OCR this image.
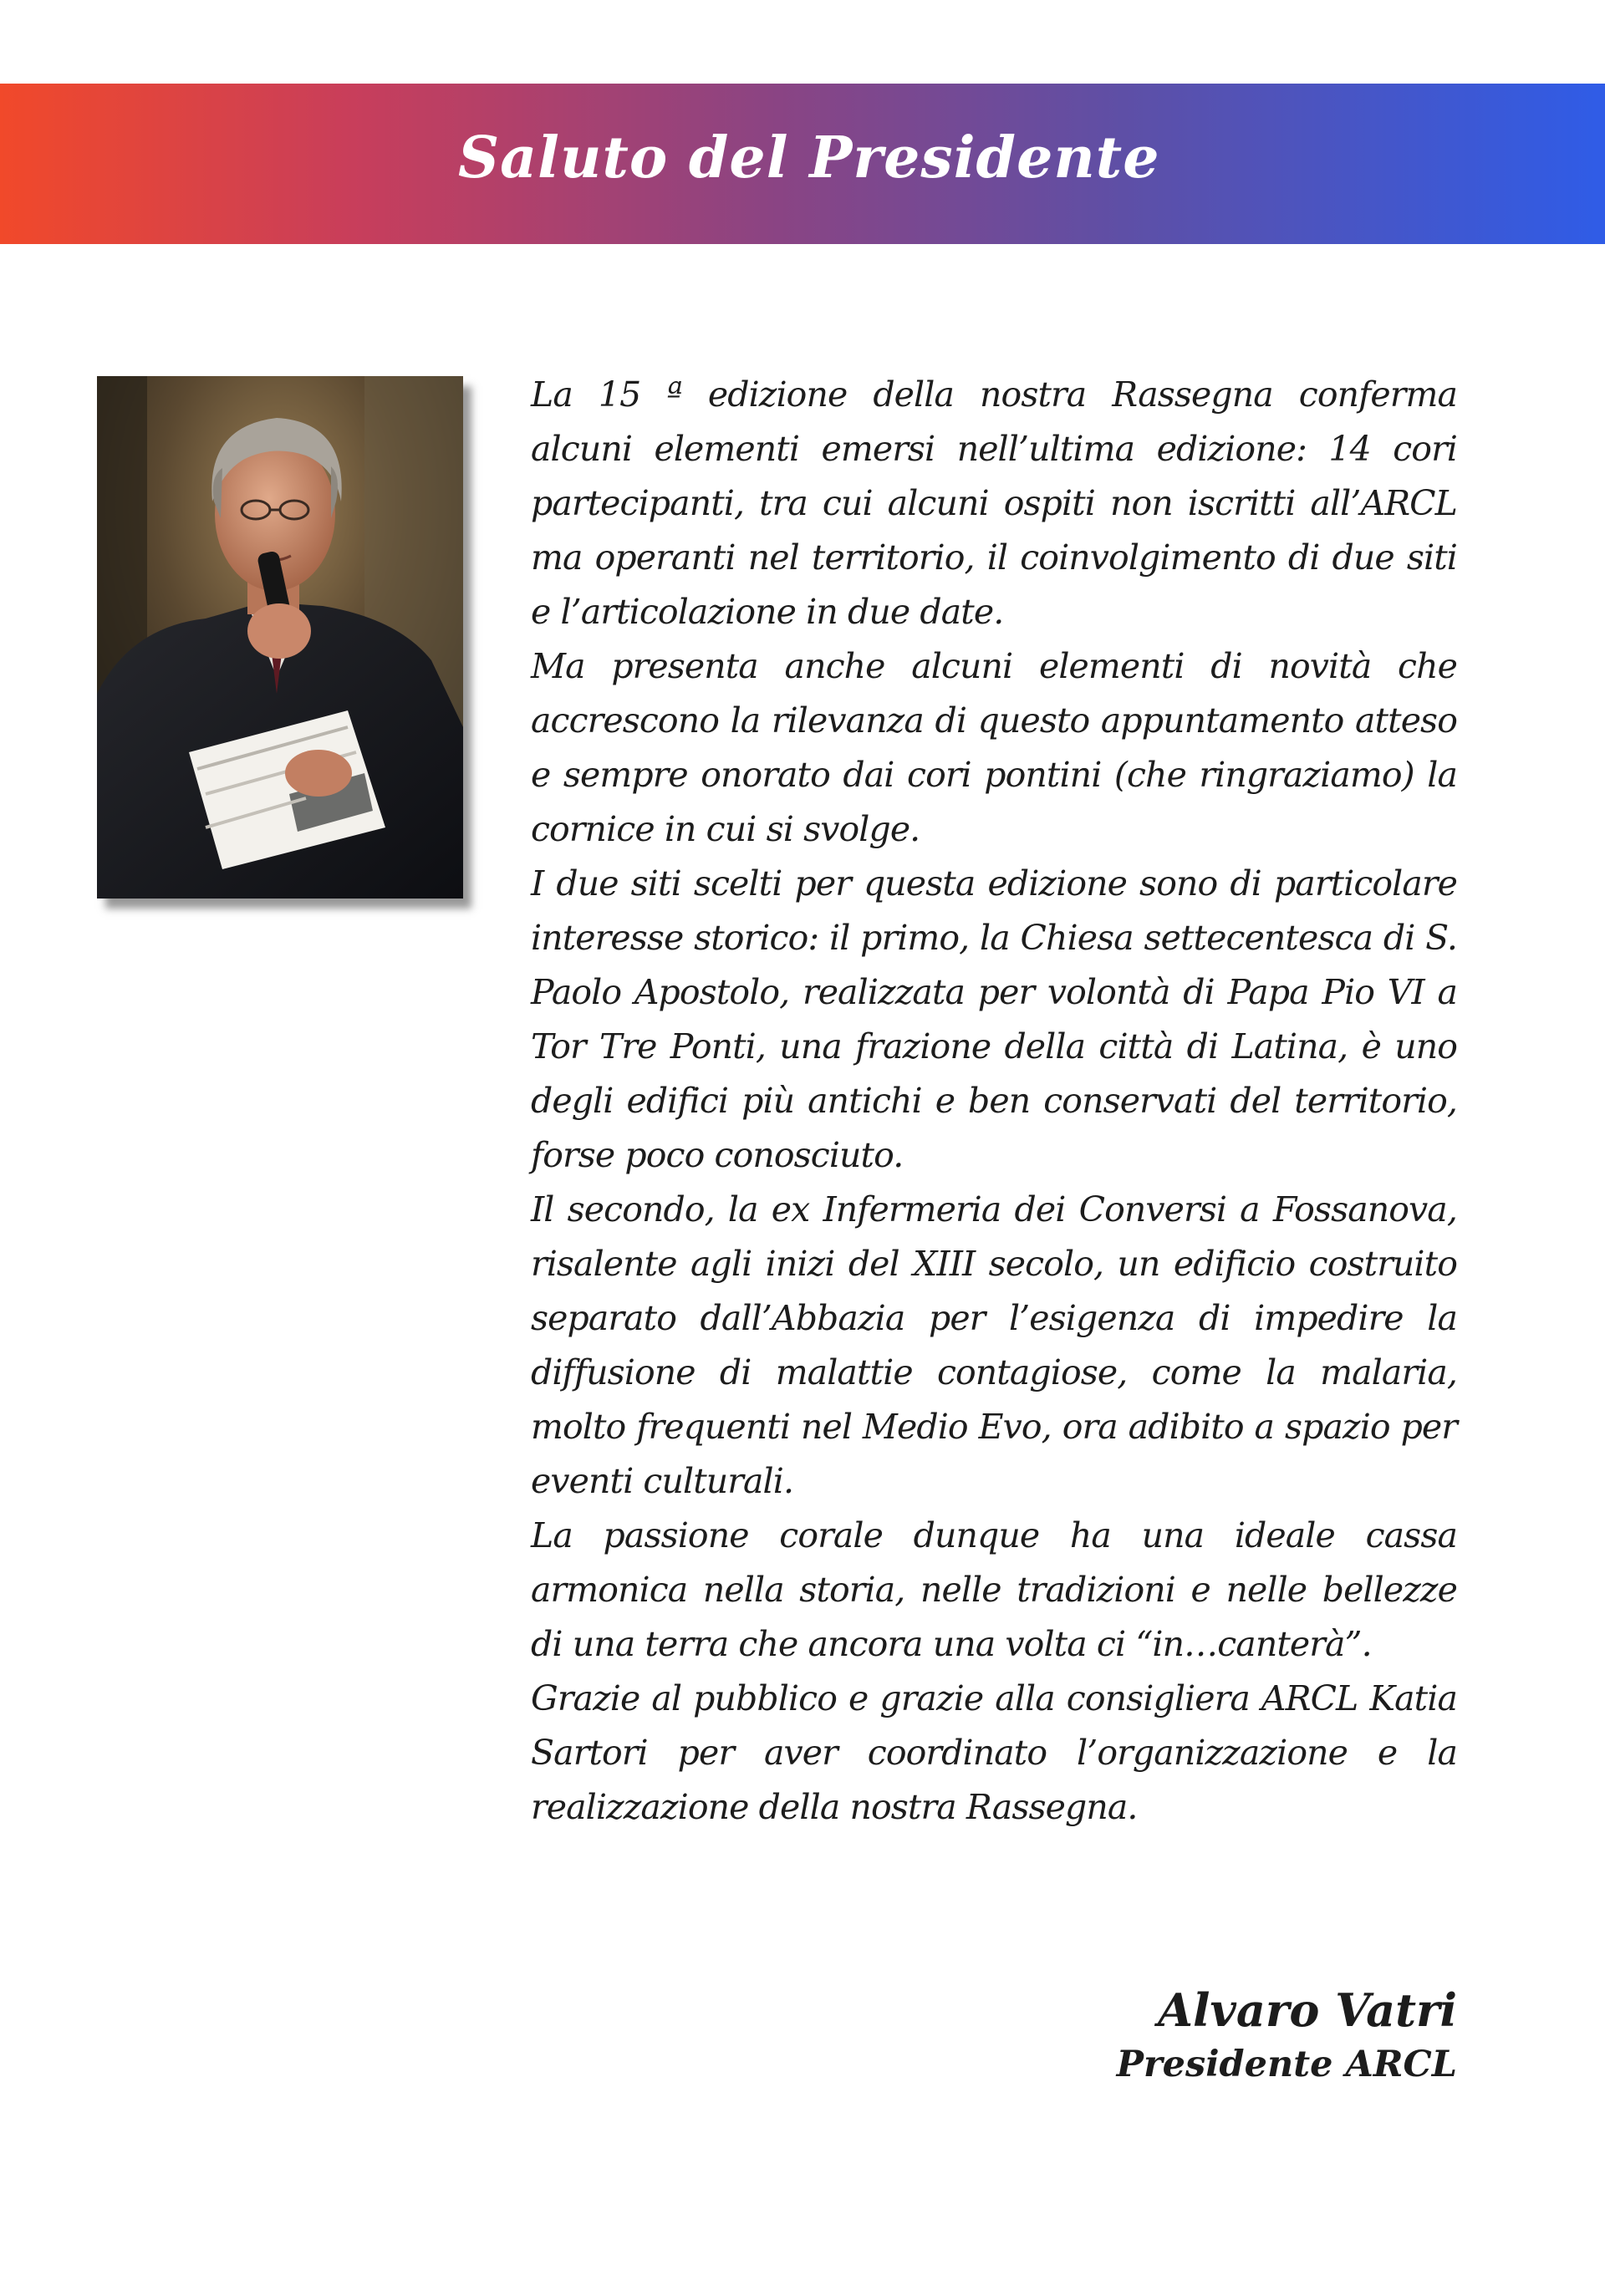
Saluto del Presidente

La 15 ª edizione della nostra Rassegna conferma alcuni elementi emersi nell’ultima edizione: 14 cori partecipanti, tra cui alcuni ospiti non iscritti all’ARCL ma operanti nel territorio, il coinvolgimento di due siti e l’articolazione in due date.

Ma presenta anche alcuni elementi di novità che accrescono la rilevanza di questo appuntamento atteso e sempre onorato dai cori pontini (che ringraziamo) la cornice in cui si svolge.

I due siti scelti per questa edizione sono di particolare interesse storico: il primo, la Chiesa settecentesca di S. Paolo Apostolo, realizzata per volontà di Papa Pio VI a Tor Tre Ponti, una frazione della città di Latina, è uno degli edifici più antichi e ben conservati del territorio, forse poco conosciuto.

Il secondo, la ex Infermeria dei Conversi a Fossanova, risalente agli inizi del XIII secolo, un edificio costruito separato dall’Abbazia per l’esigenza di impedire la diffusione di malattie contagiose, come la malaria, molto frequenti nel Medio Evo, ora adibito a spazio per eventi culturali.

La passione corale dunque ha una ideale cassa armonica nella storia, nelle tradizioni e nelle bellezze di una terra che ancora una volta ci “in…canterà”.

Grazie al pubblico e grazie alla consigliera ARCL Katia Sartori per aver coordinato l’organizzazione e la realizzazione della nostra Rassegna.

Alvaro Vatri
Presidente ARCL
